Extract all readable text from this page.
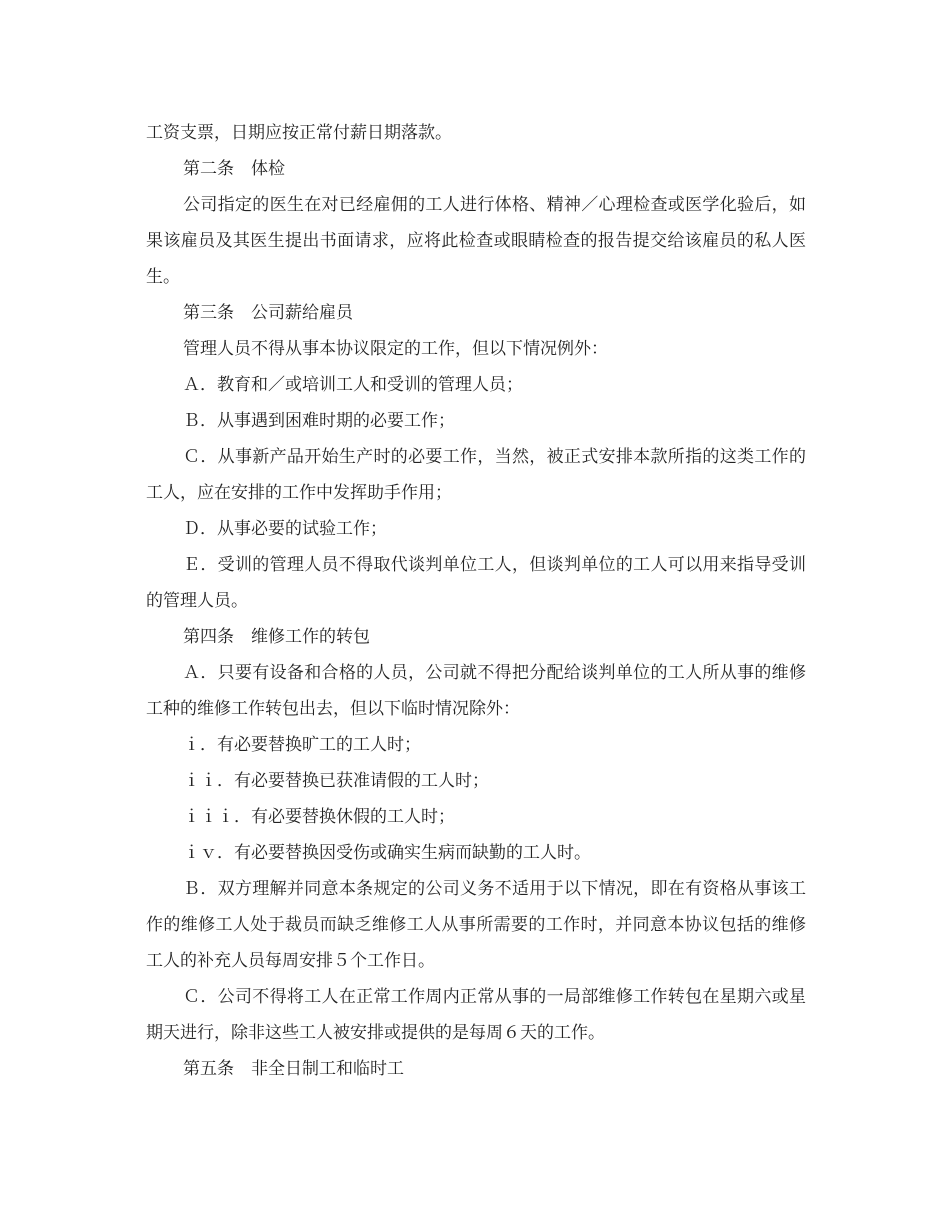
工资支票，日期应按正常付薪日期落款。

第二条　体检

公司指定的医生在对已经雇佣的工人进行体格、精神／心理检查或医学化验后，如果该雇员及其医生提出书面请求，应将此检查或眼睛检查的报告提交给该雇员的私人医生。

第三条　公司薪给雇员

管理人员不得从事本协议限定的工作，但以下情况例外：

Ａ．教育和／或培训工人和受训的管理人员；

Ｂ．从事遇到困难时期的必要工作；

Ｃ．从事新产品开始生产时的必要工作，当然，被正式安排本款所指的这类工作的工人，应在安排的工作中发挥助手作用；

Ｄ．从事必要的试验工作；

Ｅ．受训的管理人员不得取代谈判单位工人，但谈判单位的工人可以用来指导受训的管理人员。

第四条　维修工作的转包

Ａ．只要有设备和合格的人员，公司就不得把分配给谈判单位的工人所从事的维修工种的维修工作转包出去，但以下临时情况除外：

ｉ．有必要替换旷工的工人时；

ｉｉ．有必要替换已获准请假的工人时；

ｉｉｉ．有必要替换休假的工人时；

ｉｖ．有必要替换因受伤或确实生病而缺勤的工人时。

Ｂ．双方理解并同意本条规定的公司义务不适用于以下情况，即在有资格从事该工作的维修工人处于裁员而缺乏维修工人从事所需要的工作时，并同意本协议包括的维修工人的补充人员每周安排５个工作日。

Ｃ．公司不得将工人在正常工作周内正常从事的一局部维修工作转包在星期六或星期天进行，除非这些工人被安排或提供的是每周６天的工作。

第五条　非全日制工和临时工
